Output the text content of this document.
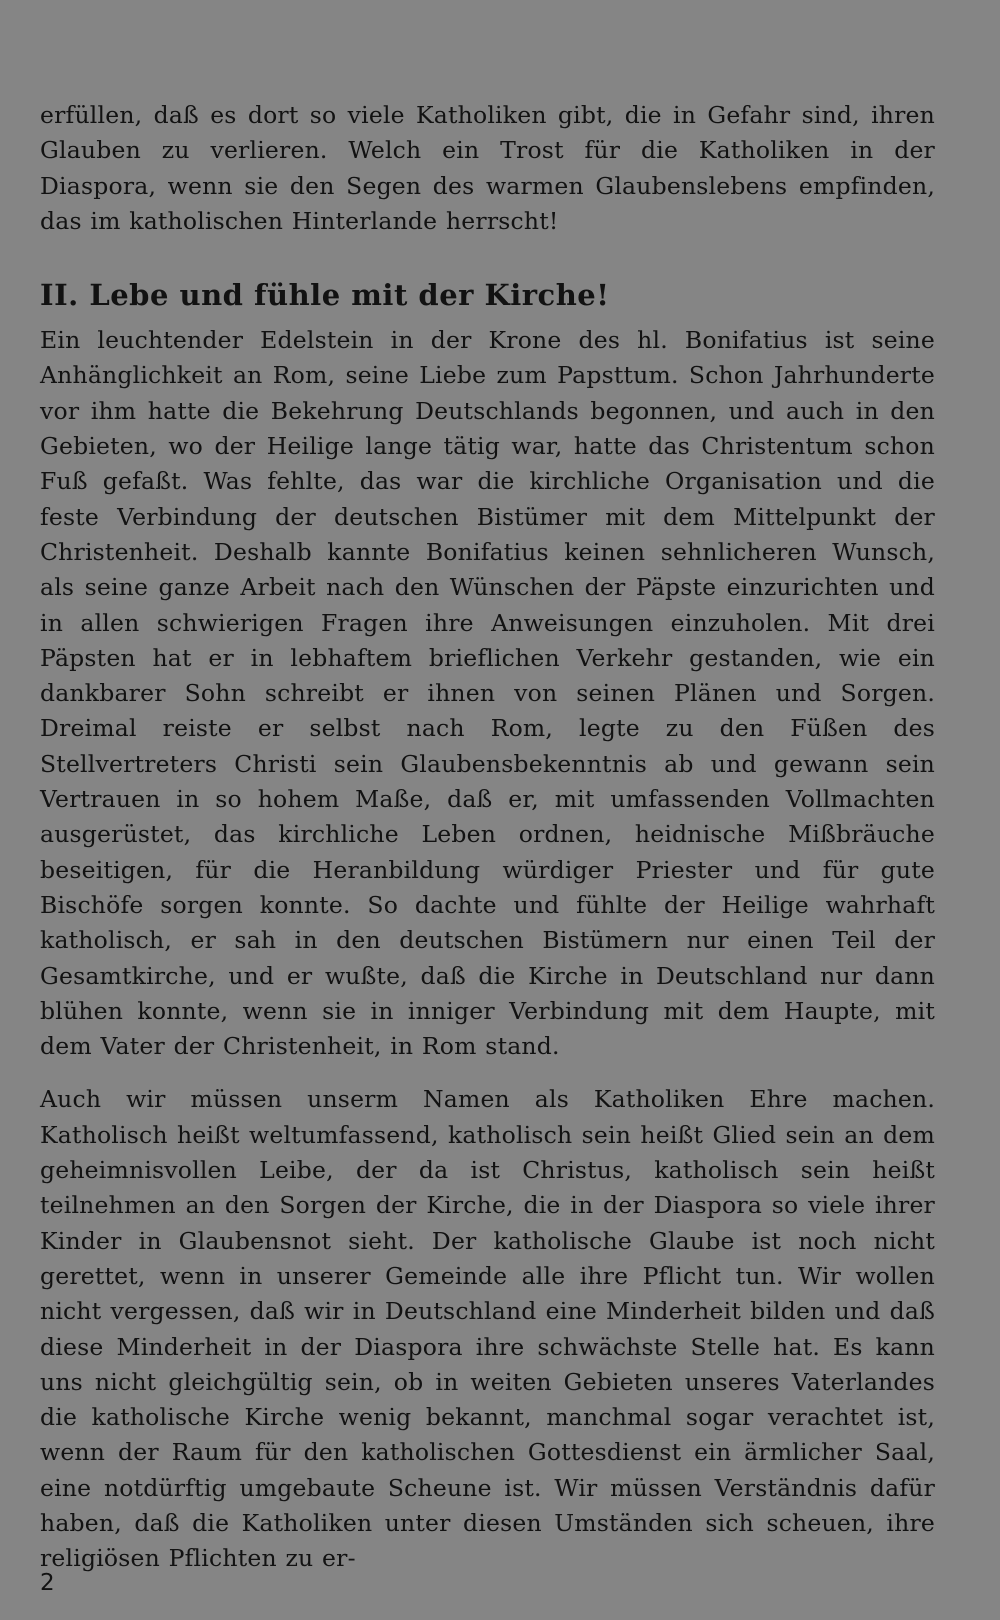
erfüllen, daß es dort so viele Katholiken gibt, die in Gefahr sind, ihren Glauben zu verlieren. Welch ein Trost für die Katholiken in der Diaspora, wenn sie den Segen des warmen Glaubenslebens empfinden, das im katholischen Hinterlande herrscht!

II. Lebe und fühle mit der Kirche!

Ein leuchtender Edelstein in der Krone des hl. Bonifatius ist seine Anhänglichkeit an Rom, seine Liebe zum Papsttum. Schon Jahrhunderte vor ihm hatte die Bekehrung Deutschlands begonnen, und auch in den Gebieten, wo der Heilige lange tätig war, hatte das Christentum schon Fuß gefaßt. Was fehlte, das war die kirchliche Organisation und die feste Verbindung der deutschen Bistümer mit dem Mittelpunkt der Christenheit. Deshalb kannte Bonifatius keinen sehnlicheren Wunsch, als seine ganze Arbeit nach den Wünschen der Päpste einzurichten und in allen schwierigen Fragen ihre Anweisungen einzuholen. Mit drei Päpsten hat er in lebhaftem brieflichen Verkehr gestanden, wie ein dankbarer Sohn schreibt er ihnen von seinen Plänen und Sorgen. Dreimal reiste er selbst nach Rom, legte zu den Füßen des Stellvertreters Christi sein Glaubensbekenntnis ab und gewann sein Vertrauen in so hohem Maße, daß er, mit umfassenden Vollmachten ausgerüstet, das kirchliche Leben ordnen, heidnische Mißbräuche beseitigen, für die Heranbildung würdiger Priester und für gute Bischöfe sorgen konnte. So dachte und fühlte der Heilige wahrhaft katholisch, er sah in den deutschen Bistümern nur einen Teil der Gesamtkirche, und er wußte, daß die Kirche in Deutschland nur dann blühen konnte, wenn sie in inniger Verbindung mit dem Haupte, mit dem Vater der Christenheit, in Rom stand.

Auch wir müssen unserm Namen als Katholiken Ehre machen. Katholisch heißt weltumfassend, katholisch sein heißt Glied sein an dem geheimnisvollen Leibe, der da ist Christus, katholisch sein heißt teilnehmen an den Sorgen der Kirche, die in der Diaspora so viele ihrer Kinder in Glaubensnot sieht. Der katholische Glaube ist noch nicht gerettet, wenn in unserer Gemeinde alle ihre Pflicht tun. Wir wollen nicht vergessen, daß wir in Deutschland eine Minderheit bilden und daß diese Minderheit in der Diaspora ihre schwächste Stelle hat. Es kann uns nicht gleichgültig sein, ob in weiten Gebieten unseres Vaterlandes die katholische Kirche wenig bekannt, manchmal sogar verachtet ist, wenn der Raum für den katholischen Gottesdienst ein ärmlicher Saal, eine notdürftig umgebaute Scheune ist. Wir müssen Verständnis dafür haben, daß die Katholiken unter diesen Umständen sich scheuen, ihre religiösen Pflichten zu er-

2
